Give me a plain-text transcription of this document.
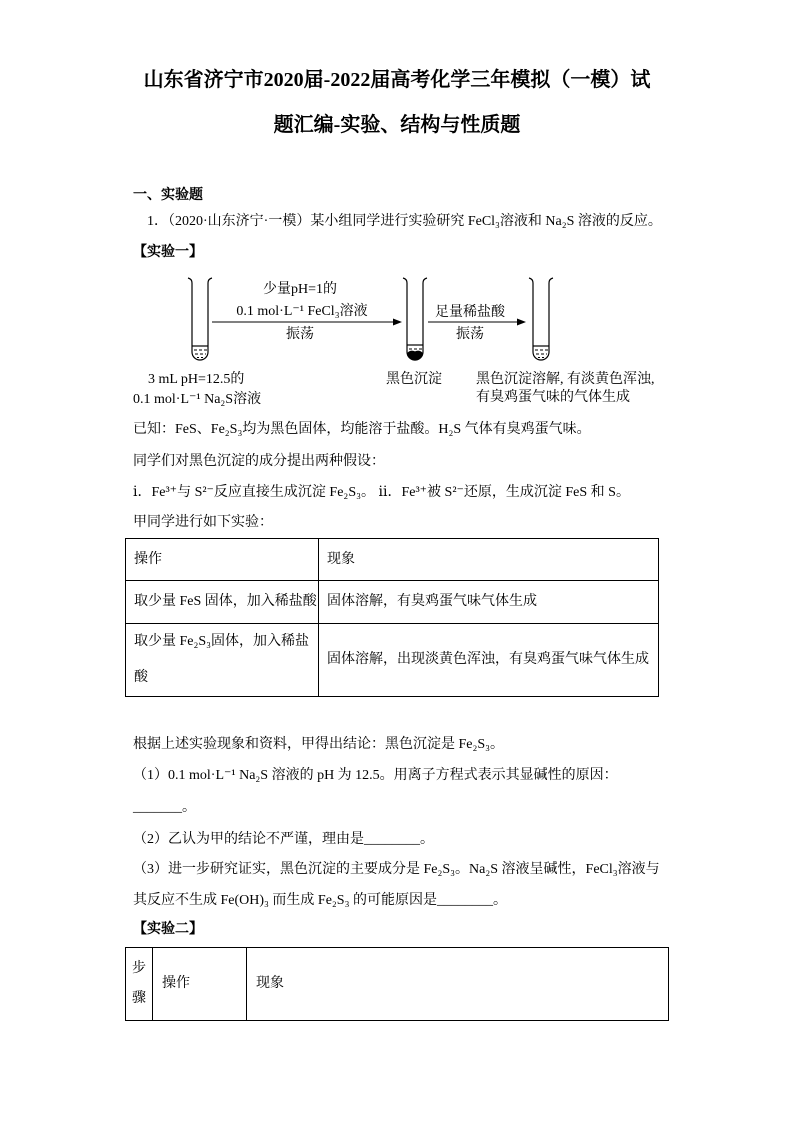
山东省济宁市2020届-2022届高考化学三年模拟（一模）试
题汇编-实验、结构与性质题
一、实验题
1．（2020·山东济宁·一模）某小组同学进行实验研究 FeCl₃溶液和 Na₂S 溶液的反应。
【实验一】
少量pH=1的
0.1 mol·L⁻¹ FeCl₃溶液
振荡
足量稀盐酸
振荡
3 mL pH=12.5的
0.1 mol·L⁻¹ Na₂S溶液
黑色沉淀 黑色沉淀溶解, 有淡黄色浑浊,
有臭鸡蛋气味的气体生成
已知：FeS、Fe₂S₃均为黑色固体，均能溶于盐酸。H₂S 气体有臭鸡蛋气味。
同学们对黑色沉淀的成分提出两种假设：
ⅰ．Fe³⁺与 S²⁻反应直接生成沉淀 Fe₂S₃。 ⅱ．Fe³⁺被 S²⁻还原，生成沉淀 FeS 和 S。
甲同学进行如下实验：
操作	现象
取少量 FeS 固体，加入稀盐酸	固体溶解，有臭鸡蛋气味气体生成
取少量 Fe₂S₃固体，加入稀盐酸	固体溶解，出现淡黄色浑浊，有臭鸡蛋气味气体生成
根据上述实验现象和资料，甲得出结论：黑色沉淀是 Fe₂S₃。
（1）0.1 mol·L⁻¹ Na₂S 溶液的 pH 为 12.5。用离子方程式表示其显碱性的原因：
_______。
（2）乙认为甲的结论不严谨，理由是________。
（3）进一步研究证实，黑色沉淀的主要成分是 Fe₂S₃。Na₂S 溶液呈碱性，FeCl₃溶液与
其反应不生成 Fe(OH)₃ 而生成 Fe₂S₃ 的可能原因是________。
【实验二】
步骤	操作	现象
